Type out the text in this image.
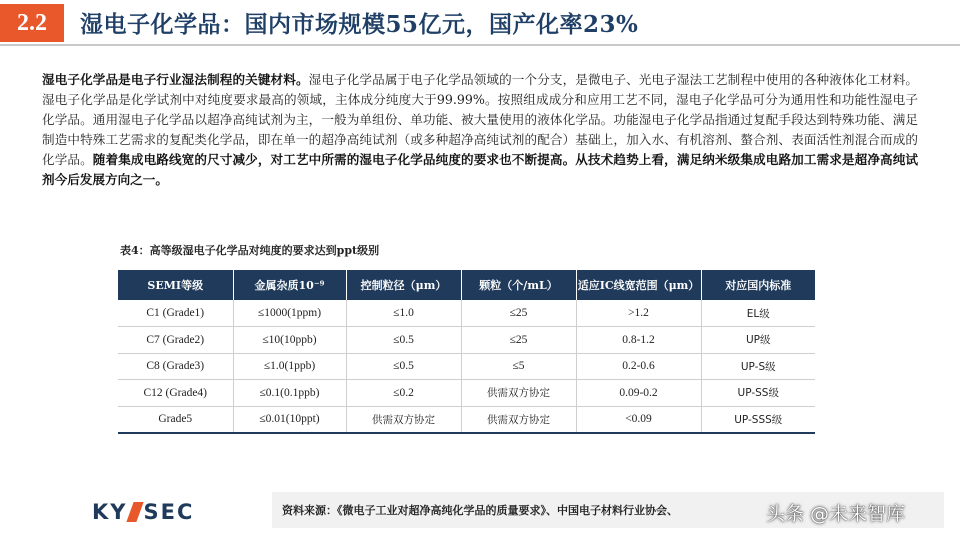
2.2	湿电子化学品：国内市场规模55亿元，国产化率23%
湿电子化学品是电子行业湿法制程的关键材料。湿电子化学品属于电子化学品领域的一个分支，是微电子、光电子湿法工艺制程中使用的各种液体化工材料。湿电子化学品是化学试剂中对纯度要求最高的领域，主体成分纯度大于99.99%。按照组成成分和应用工艺不同，湿电子化学品可分为通用性和功能性湿电子化学品。通用湿电子化学品以超净高纯试剂为主，一般为单组份、单功能、被大量使用的液体化学品。功能湿电子化学品指通过复配手段达到特殊功能、满足制造中特殊工艺需求的复配类化学品，即在单一的超净高纯试剂（或多种超净高纯试剂的配合）基础上，加入水、有机溶剂、螯合剂、表面活性剂混合而成的化学品。随着集成电路线宽的尺寸减少，对工艺中所需的湿电子化学品纯度的要求也不断提高。从技术趋势上看，满足纳米级集成电路加工需求是超净高纯试剂今后发展方向之一。
表4：高等级湿电子化学品对纯度的要求达到ppt级别
SEMI等级	金属杂质10⁻⁹	控制粒径（μm）	颗粒（个/mL）	适应IC线宽范围（μm）	对应国内标准
C1 (Grade1)	≤1000(1ppm)	≤1.0	≤25	>1.2	EL级
C7 (Grade2)	≤10(10ppb)	≤0.5	≤25	0.8-1.2	UP级
C8 (Grade3)	≤1.0(1ppb)	≤0.5	≤5	0.2-0.6	UP-S级
C12 (Grade4)	≤0.1(0.1ppb)	≤0.2	供需双方协定	0.09-0.2	UP-SS级
Grade5	≤0.01(10ppt)	供需双方协定	供需双方协定	<0.09	UP-SSS级
KY SEC	资料来源：《微电子工业对超净高纯化学品的质量要求》、中国电子材料行业协会、	头条 @未来智库
